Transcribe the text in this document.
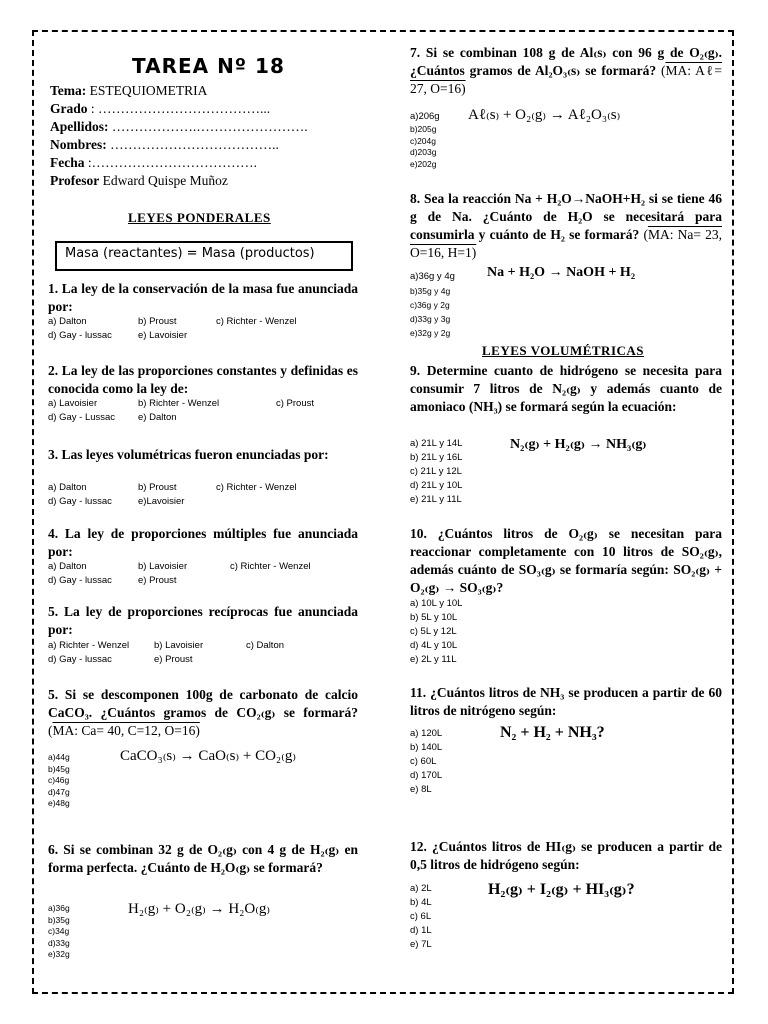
TAREA Nº 18
Tema: ESTEQUIOMETRIA
Grado : ………………………………...
Apellidos: ……………….…………………….
Nombres: ………………………………..
Fecha :……………………………….
Profesor Edward Quispe Muñoz
LEYES PONDERALES
Masa (reactantes) = Masa (productos)
1. La ley de la conservación de la masa fue anunciada por:
a) Dalton	b) Proust	c) Richter - Wenzel
d) Gay - lussac	e) Lavoisier
2. La ley de las proporciones constantes y definidas es conocida como la ley de:
a) Lavoisier	b) Richter - Wenzel	c) Proust
d) Gay - Lussac e) Dalton
3. Las leyes volumétricas fueron enunciadas por:
a) Dalton	b) Proust	c) Richter - Wenzel
d) Gay - lussac	e)Lavoisier
4. La ley de proporciones múltiples fue anunciada por:
a) Dalton	b) Lavoisier	c) Richter - Wenzel
d) Gay - lussac	e) Proust
5. La ley de proporciones recíprocas fue anunciada por:
a) Richter - Wenzel	b) Lavoisier	c) Dalton
d) Gay - lussac	e) Proust
5. Si se descomponen 100g de carbonato de calcio CaCO₃. ¿Cuántos gramos de CO₂₍g₎ se formará? (MA: Ca= 40, C=12, O=16)
CaCO₃₍s₎ → CaO₍s₎ + CO₂₍g₎
a)44g
b)45g
c)46g
d)47g
e)48g
6. Si se combinan 32 g de O₂₍g₎ con 4 g de H₂₍g₎ en forma perfecta. ¿Cuánto de H₂O₍g₎ se formará?
H₂₍g₎ + O₂₍g₎ → H₂O₍g₎
a)36g
b)35g
c)34g
d)33g
e)32g
7. Si se combinan 108 g de Al₍s₎ con 96 g de O₂₍g₎.¿Cuántos gramos de Al₂O₃₍s₎ se formará? (MA: Aℓ= 27, O=16)
Aℓ₍s₎ + O₂₍g₎ → Aℓ₂O₃₍s₎
a)206g
b)205g
c)204g
d)203g
e)202g
8. Sea la reacción Na + H₂O→NaOH+H₂ si se tiene 46 g de Na. ¿Cuánto de H₂O se necesitará para consumirla y cuánto de H₂ se formará? (MA: Na= 23, O=16, H=1)
Na + H₂O → NaOH + H₂
a)36g y 4g
b)35g y 4g
c)36g y 2g
d)33g y 3g
e)32g y 2g
LEYES VOLUMÉTRICAS
9. Determine cuanto de hidrógeno se necesita para consumir 7 litros de N₂₍g₎ y además cuanto de amoniaco (NH₃) se formará según la ecuación:
N₂₍g₎ + H₂₍g₎ → NH₃₍g₎
a) 21L y 14L
b) 21L y 16L
c) 21L y 12L
d) 21L y 10L
e) 21L y 11L
10. ¿Cuántos litros de O₂₍g₎ se necesitan para reaccionar completamente con 10 litros de SO₂₍g₎, además cuánto de SO₃₍g₎ se formaría según: SO₂₍g₎ + O₂₍g₎ → SO₃₍g₎?
a) 10L y 10L
b) 5L y 10L
c) 5L y 12L
d) 4L y 10L
e) 2L y 11L
11. ¿Cuántos litros de NH₃ se producen a partir de 60 litros de nitrógeno según:
N₂ + H₂ + NH₃?
a) 120L
b) 140L
c) 60L
d) 170L
e) 8L
12. ¿Cuántos litros de HI₍g₎ se producen a partir de 0,5 litros de hidrógeno según:
H₂₍g₎ + I₂₍g₎ + HI₃₍g₎?
a) 2L
b) 4L
c) 6L
d) 1L
e) 7L
